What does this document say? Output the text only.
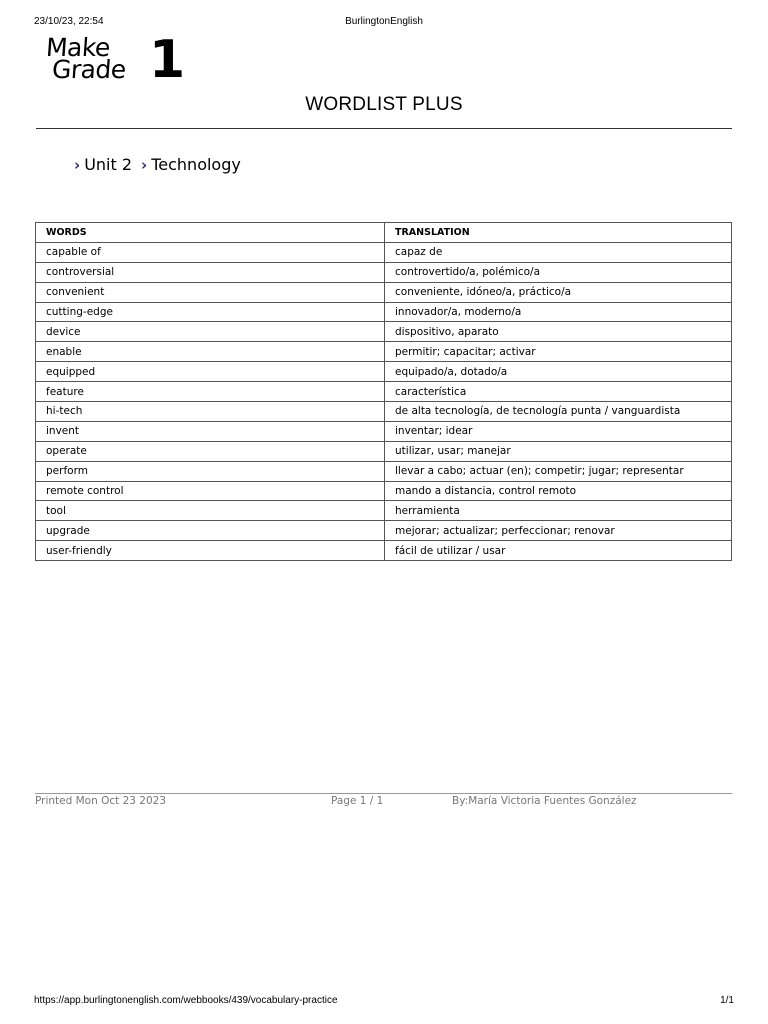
23/10/23, 22:54	BurlingtonEnglish
Make
Grade 1
WORDLIST PLUS
› Unit 2 › Technology
WORDS	TRANSLATION
capable of	capaz de
controversial	controvertido/a, polémico/a
convenient	conveniente, idóneo/a, práctico/a
cutting-edge	innovador/a, moderno/a
device	dispositivo, aparato
enable	permitir; capacitar; activar
equipped	equipado/a, dotado/a
feature	característica
hi-tech	de alta tecnología, de tecnología punta / vanguardista
invent	inventar; idear
operate	utilizar, usar; manejar
perform	llevar a cabo; actuar (en); competir; jugar; representar
remote control	mando a distancia, control remoto
tool	herramienta
upgrade	mejorar; actualizar; perfeccionar; renovar
user-friendly	fácil de utilizar / usar
Printed Mon Oct 23 2023	Page 1 / 1	By:María Victoria Fuentes González
https://app.burlingtonenglish.com/webbooks/439/vocabulary-practice	1/1
